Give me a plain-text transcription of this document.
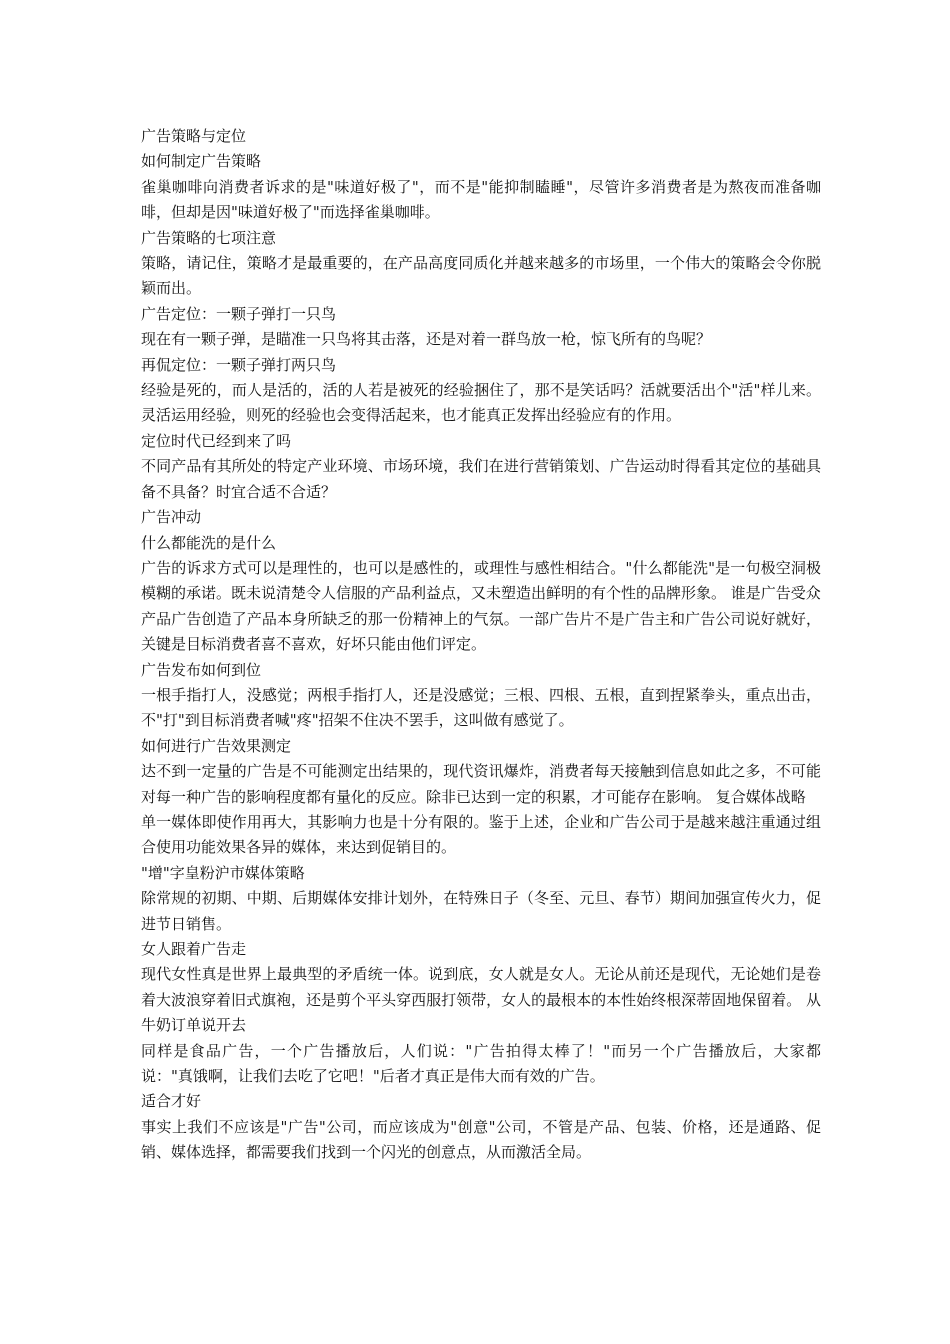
广告策略与定位
如何制定广告策略
雀巢咖啡向消费者诉求的是"味道好极了"，而不是"能抑制瞌睡"，尽管许多消费者是为熬夜而准备咖啡，但却是因"味道好极了"而选择雀巢咖啡。
广告策略的七项注意
策略，请记住，策略才是最重要的，在产品高度同质化并越来越多的市场里，一个伟大的策略会令你脱颖而出。
广告定位：一颗子弹打一只鸟
现在有一颗子弹，是瞄准一只鸟将其击落，还是对着一群鸟放一枪，惊飞所有的鸟呢？
再侃定位：一颗子弹打两只鸟
经验是死的，而人是活的，活的人若是被死的经验捆住了，那不是笑话吗？活就要活出个"活"样儿来。灵活运用经验，则死的经验也会变得活起来，也才能真正发挥出经验应有的作用。
定位时代已经到来了吗
不同产品有其所处的特定产业环境、市场环境，我们在进行营销策划、广告运动时得看其定位的基础具备不具备？时宜合适不合适？
广告冲动
什么都能洗的是什么
广告的诉求方式可以是理性的，也可以是感性的，或理性与感性相结合。"什么都能洗"是一句极空洞极模糊的承诺。既未说清楚令人信服的产品利益点，又未塑造出鲜明的有个性的品牌形象。 谁是广告受众
产品广告创造了产品本身所缺乏的那一份精神上的气氛。一部广告片不是广告主和广告公司说好就好，关键是目标消费者喜不喜欢，好坏只能由他们评定。
广告发布如何到位
一根手指打人，没感觉；两根手指打人，还是没感觉；三根、四根、五根，直到捏紧拳头，重点出击，不"打"到目标消费者喊"疼"招架不住决不罢手，这叫做有感觉了。
如何进行广告效果测定
达不到一定量的广告是不可能测定出结果的，现代资讯爆炸，消费者每天接触到信息如此之多，不可能对每一种广告的影响程度都有量化的反应。除非已达到一定的积累，才可能存在影响。 复合媒体战略
单一媒体即使作用再大，其影响力也是十分有限的。鉴于上述，企业和广告公司于是越来越注重通过组合使用功能效果各异的媒体，来达到促销目的。
"增"字皇粉沪市媒体策略
除常规的初期、中期、后期媒体安排计划外，在特殊日子（冬至、元旦、春节）期间加强宣传火力，促进节日销售。
女人跟着广告走
现代女性真是世界上最典型的矛盾统一体。说到底，女人就是女人。无论从前还是现代，无论她们是卷着大波浪穿着旧式旗袍，还是剪个平头穿西服打领带，女人的最根本的本性始终根深蒂固地保留着。 从牛奶订单说开去
同样是食品广告，一个广告播放后，人们说："广告拍得太棒了！"而另一个广告播放后，大家都说："真饿啊，让我们去吃了它吧！"后者才真正是伟大而有效的广告。
适合才好
事实上我们不应该是"广告"公司，而应该成为"创意"公司，不管是产品、包装、价格，还是通路、促销、媒体选择，都需要我们找到一个闪光的创意点，从而激活全局。
